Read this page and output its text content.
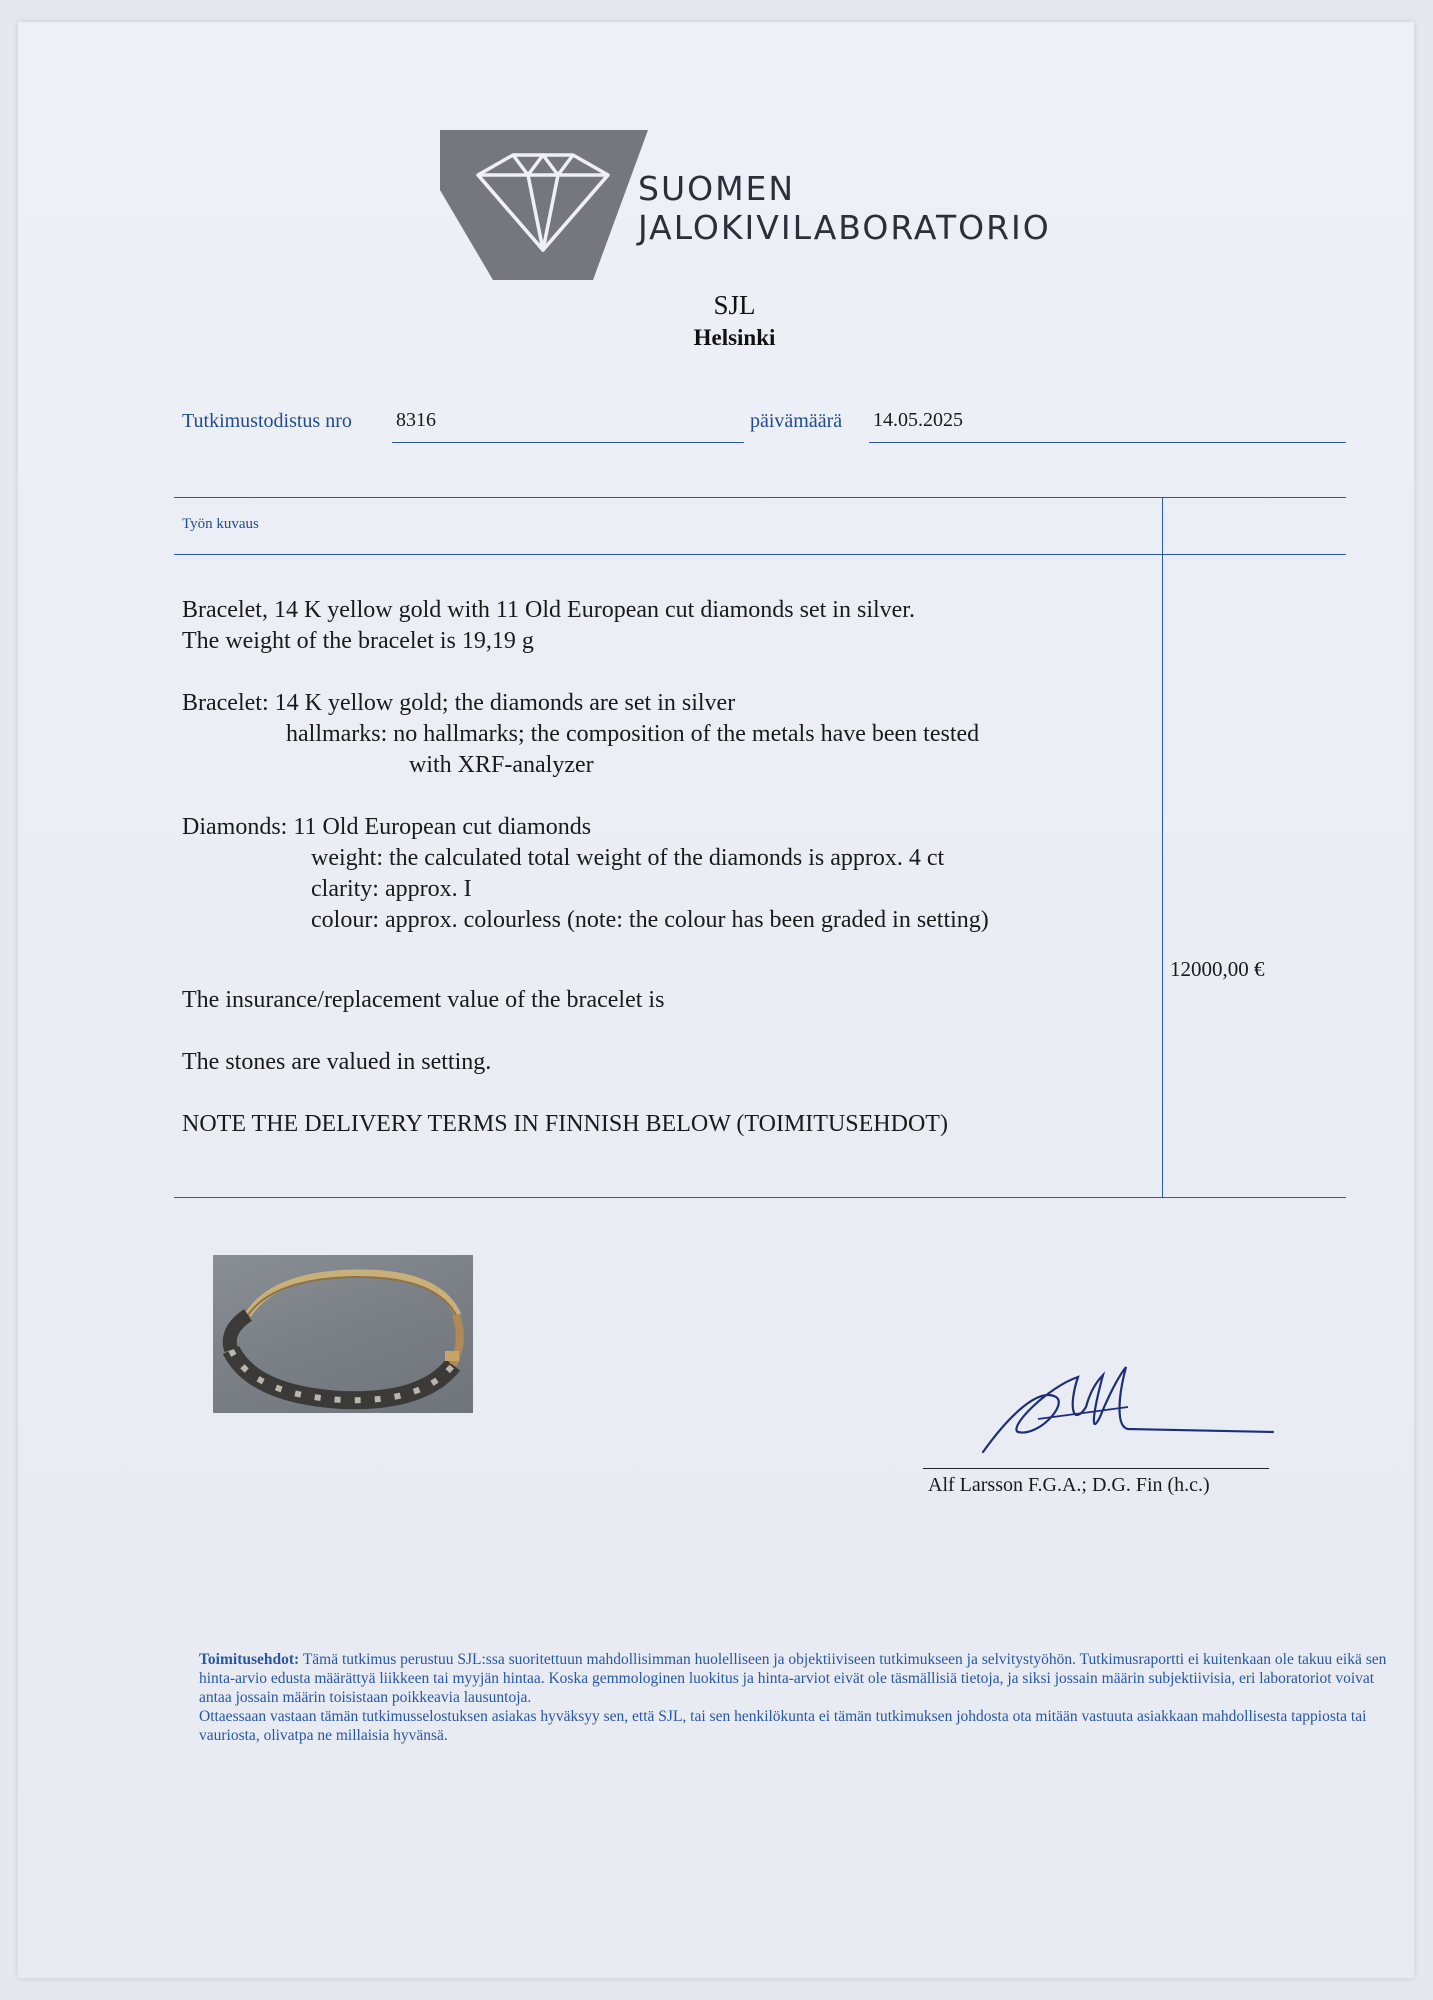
SUOMEN
JALOKIVILABORATORIO
SJL
Helsinki
Tutkimustodistus nro 8316	päivämäärä 14.05.2025
Työn kuvaus
Bracelet, 14 K yellow gold with 11 Old European cut diamonds set in silver.
The weight of the bracelet is 19,19 g
Bracelet: 14 K yellow gold; the diamonds are set in silver
hallmarks: no hallmarks; the composition of the metals have been tested
with XRF-analyzer
Diamonds: 11 Old European cut diamonds
weight: the calculated total weight of the diamonds is approx. 4 ct
clarity: approx. I
colour: approx. colourless (note: the colour has been graded in setting)
The insurance/replacement value of the bracelet is
12000,00 €
The stones are valued in setting.
NOTE THE DELIVERY TERMS IN FINNISH BELOW (TOIMITUSEHDOT)
Alf Larsson F.G.A.; D.G. Fin (h.c.)
Toimitusehdot: Tämä tutkimus perustuu SJL:ssa suoritettuun mahdollisimman huolelliseen ja objektiiviseen tutkimukseen ja selvitystyöhön. Tutkimusraportti ei kuitenkaan ole takuu eikä sen hinta-arvio edusta määrättyä liikkeen tai myyjän hintaa. Koska gemmologinen luokitus ja hinta-arviot eivät ole täsmällisiä tietoja, ja siksi jossain määrin subjektiivisia, eri laboratoriot voivat antaa jossain määrin toisistaan poikkeavia lausuntoja.
Ottaessaan vastaan tämän tutkimusselostuksen asiakas hyväksyy sen, että SJL, tai sen henkilökunta ei tämän tutkimuksen johdosta ota mitään vastuuta asiakkaan mahdollisesta tappiosta tai vauriosta, olivatpa ne millaisia hyvänsä.
